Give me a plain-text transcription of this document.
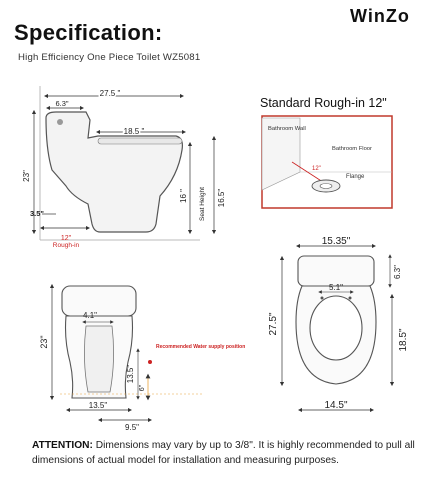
Specification:
WinZo
High Efficiency One Piece Toilet WZ5081
27.5 "
6.3"
18.5 "
23"
16 " Seat Height 16.5"
3.5"
12"
Rough-in
Bathroom Wall
Bathroom Floor
12"
Flange
15.35"
5.1"
6.3"
27.5"
18.5"
14.5"
4.1"
23"
13.5"
6"
Recommended Water supply position
13.5"
9.5"
Standard Rough-in 12"
ATTENTION: Dimensions may vary by up to 3/8". It is highly recommended to pull all dimensions of actual model for installation and measuring purposes.
